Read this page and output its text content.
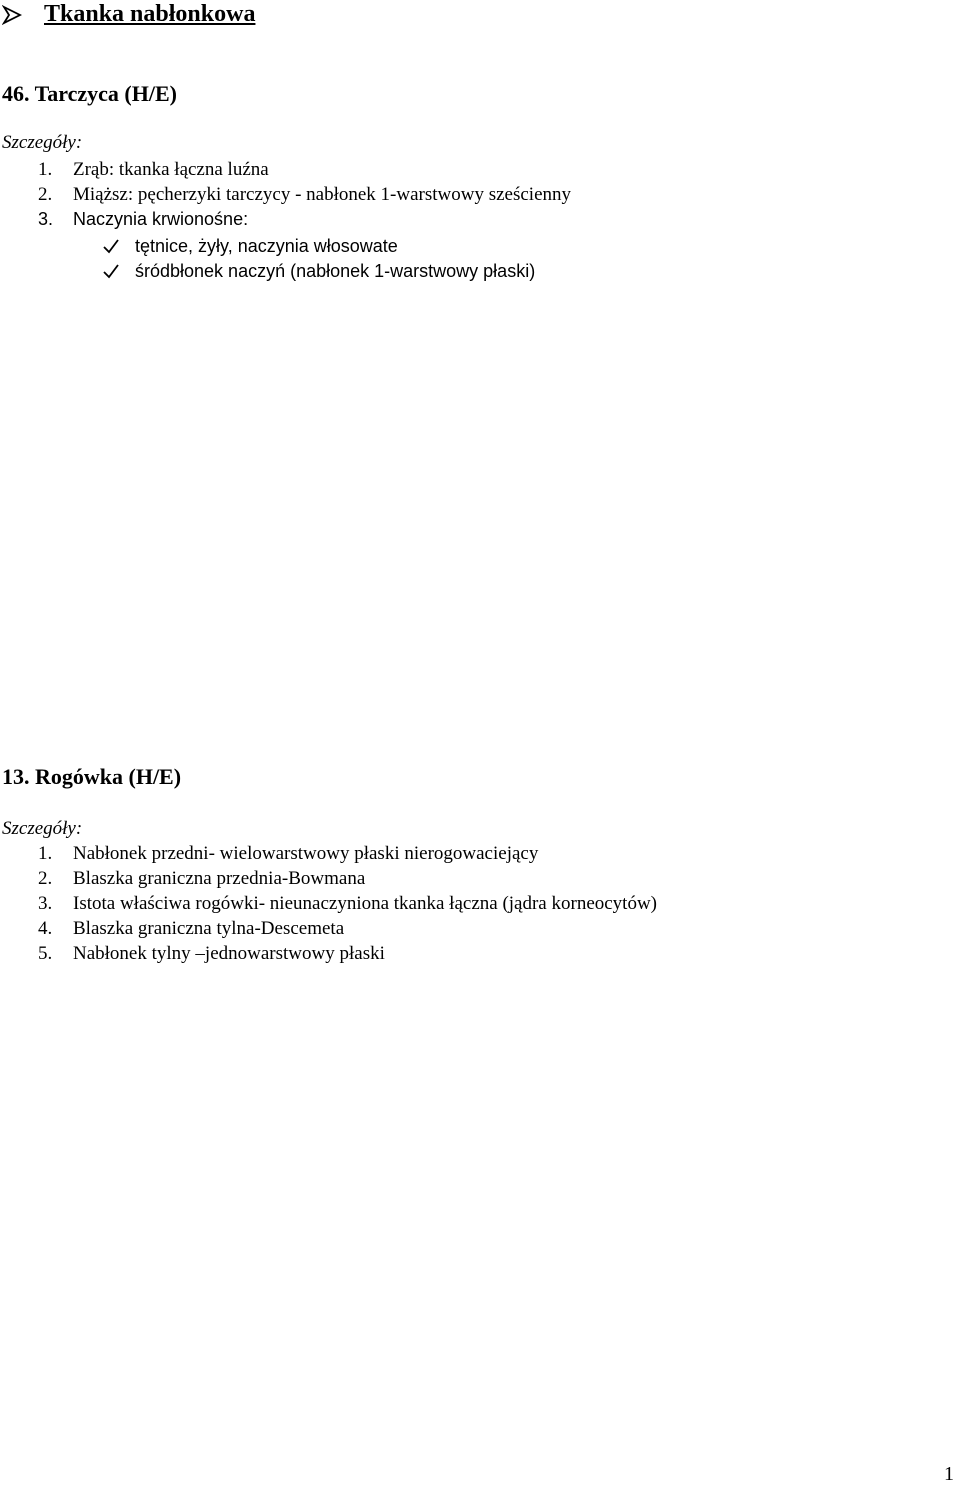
Tkanka nabłonkowa
46. Tarczyca (H/E)
Szczegóły:
1. Zrąb: tkanka łączna luźna
2. Miąższ: pęcherzyki tarczycy - nabłonek 1-warstwowy sześcienny
3. Naczynia krwionośne:
tętnice, żyły, naczynia włosowate
śródbłonek naczyń (nabłonek 1-warstwowy płaski)
13. Rogówka (H/E)
Szczegóły:
1. Nabłonek przedni- wielowarstwowy płaski nierogowaciejący
2. Blaszka graniczna przednia-Bowmana
3. Istota właściwa rogówki- nieunaczyniona tkanka łączna (jądra korneocytów)
4. Blaszka graniczna tylna-Descemeta
5. Nabłonek tylny –jednowarstwowy płaski
1
